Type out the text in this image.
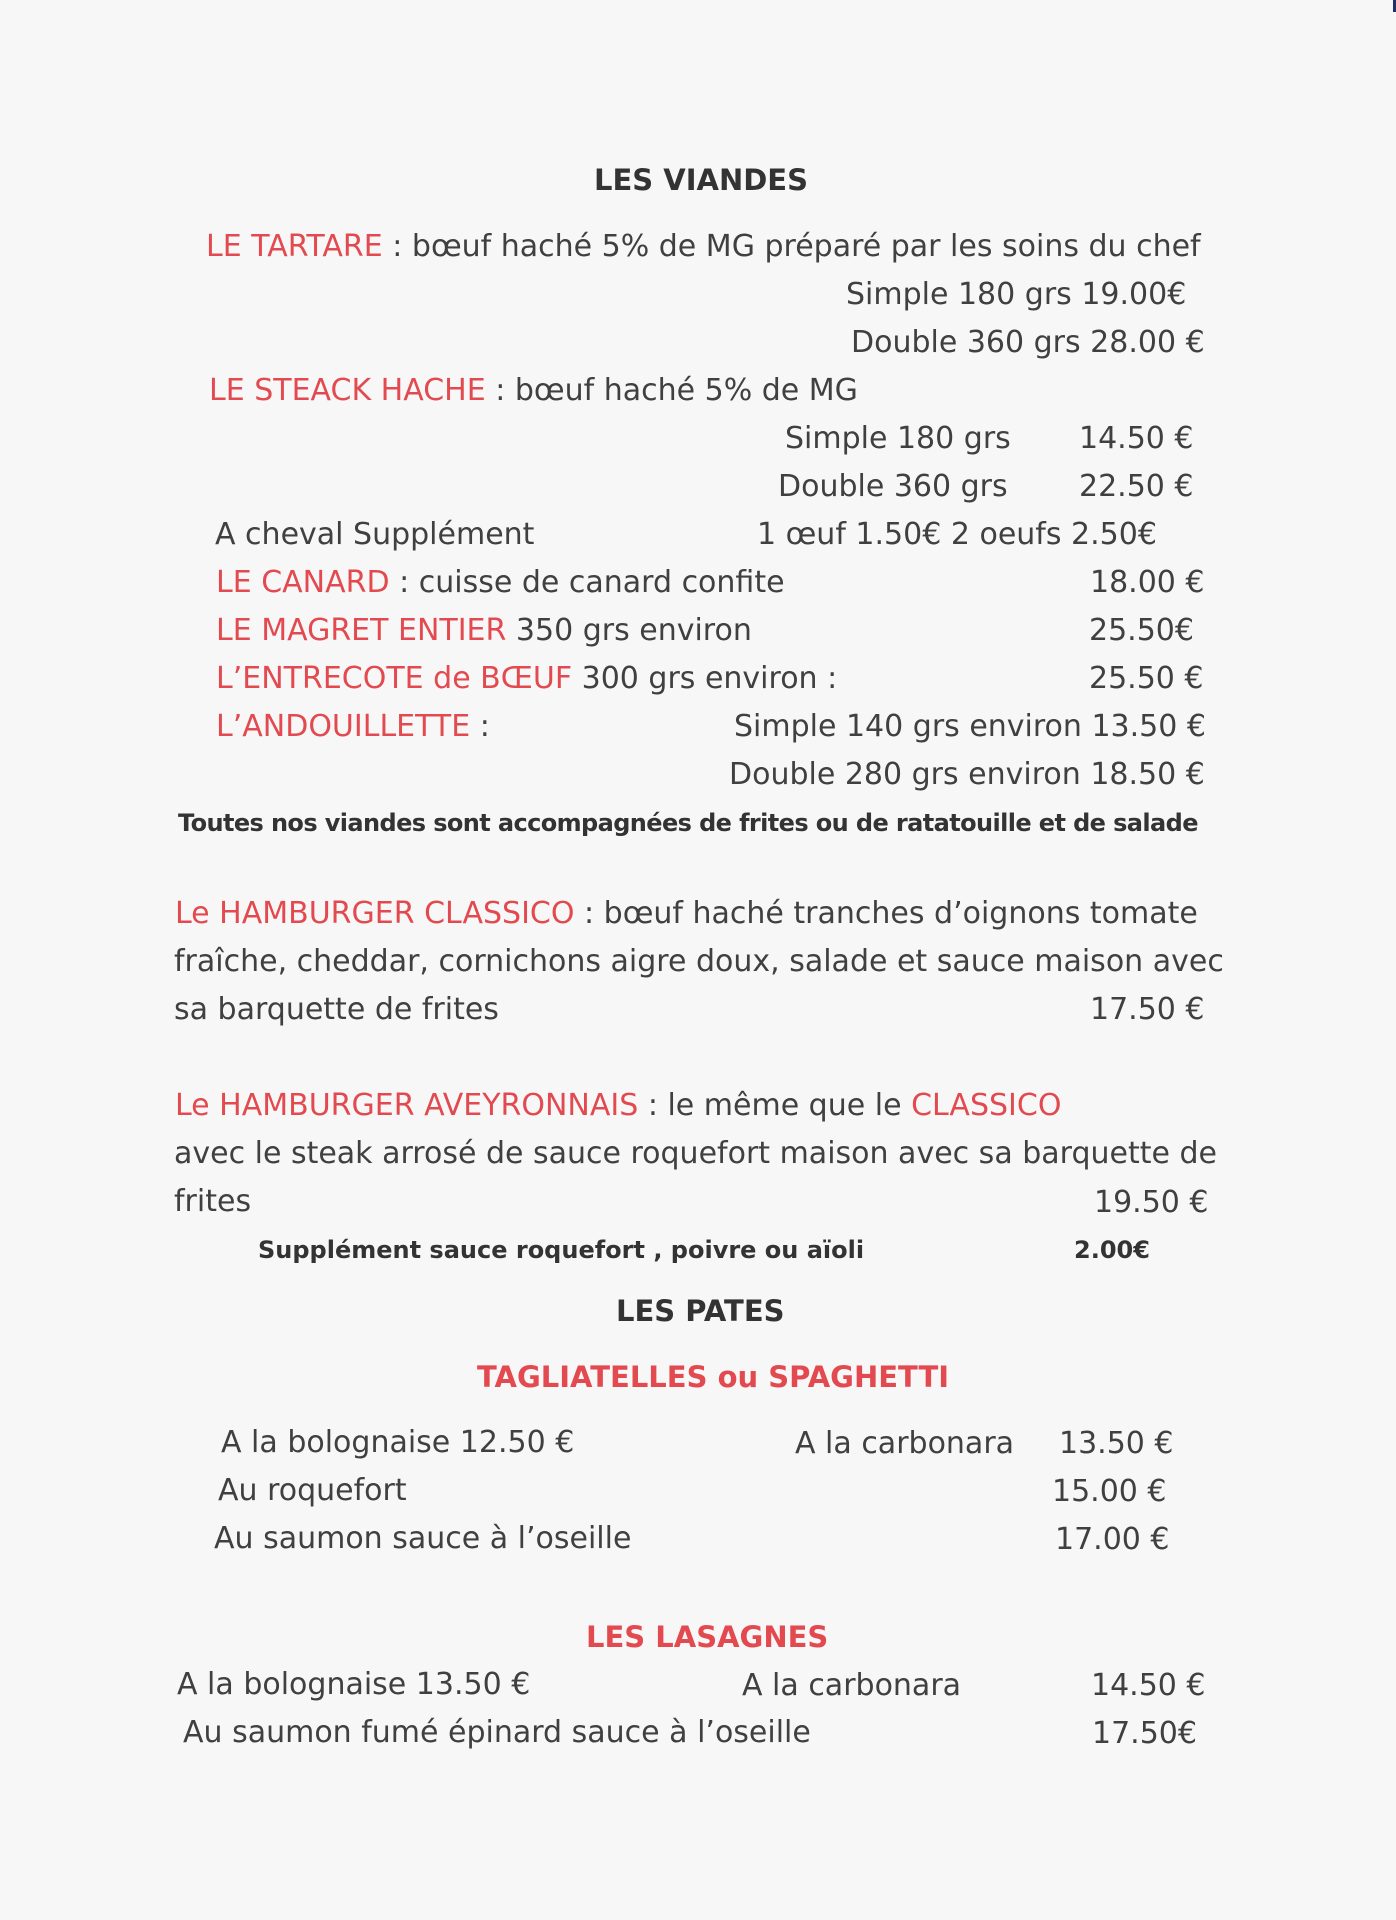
LES VIANDES
LE TARTARE : bœuf haché 5% de MG préparé par les soins du chef
Simple 180 grs 19.00€
Double 360 grs 28.00 €
LE STEACK HACHE : bœuf haché 5% de MG
Simple 180 grs 14.50 €
Double 360 grs 22.50 €
A cheval Supplément	1 œuf 1.50€ 2 oeufs 2.50€
LE CANARD : cuisse de canard confite	18.00 €
LE MAGRET ENTIER 350 grs environ	25.50€
L’ENTRECOTE de BŒUF 300 grs environ :	25.50 €
L’ANDOUILLETTE :	Simple 140 grs environ 13.50 €
Double 280 grs environ 18.50 €
Toutes nos viandes sont accompagnées de frites ou de ratatouille et de salade
Le HAMBURGER CLASSICO : bœuf haché tranches d’oignons tomate
fraîche, cheddar, cornichons aigre doux, salade et sauce maison avec
sa barquette de frites	17.50 €
Le HAMBURGER AVEYRONNAIS : le même que le CLASSICO
avec le steak arrosé de sauce roquefort maison avec sa barquette de
frites	19.50 €
Supplément sauce roquefort , poivre ou aïoli	2.00€
LES PATES
TAGLIATELLES ou SPAGHETTI
A la bolognaise 12.50 €	A la carbonara 13.50 €
Au roquefort	15.00 €
Au saumon sauce à l’oseille	17.00 €
LES LASAGNES
A la bolognaise 13.50 €	A la carbonara	14.50 €
Au saumon fumé épinard sauce à l’oseille	17.50€
